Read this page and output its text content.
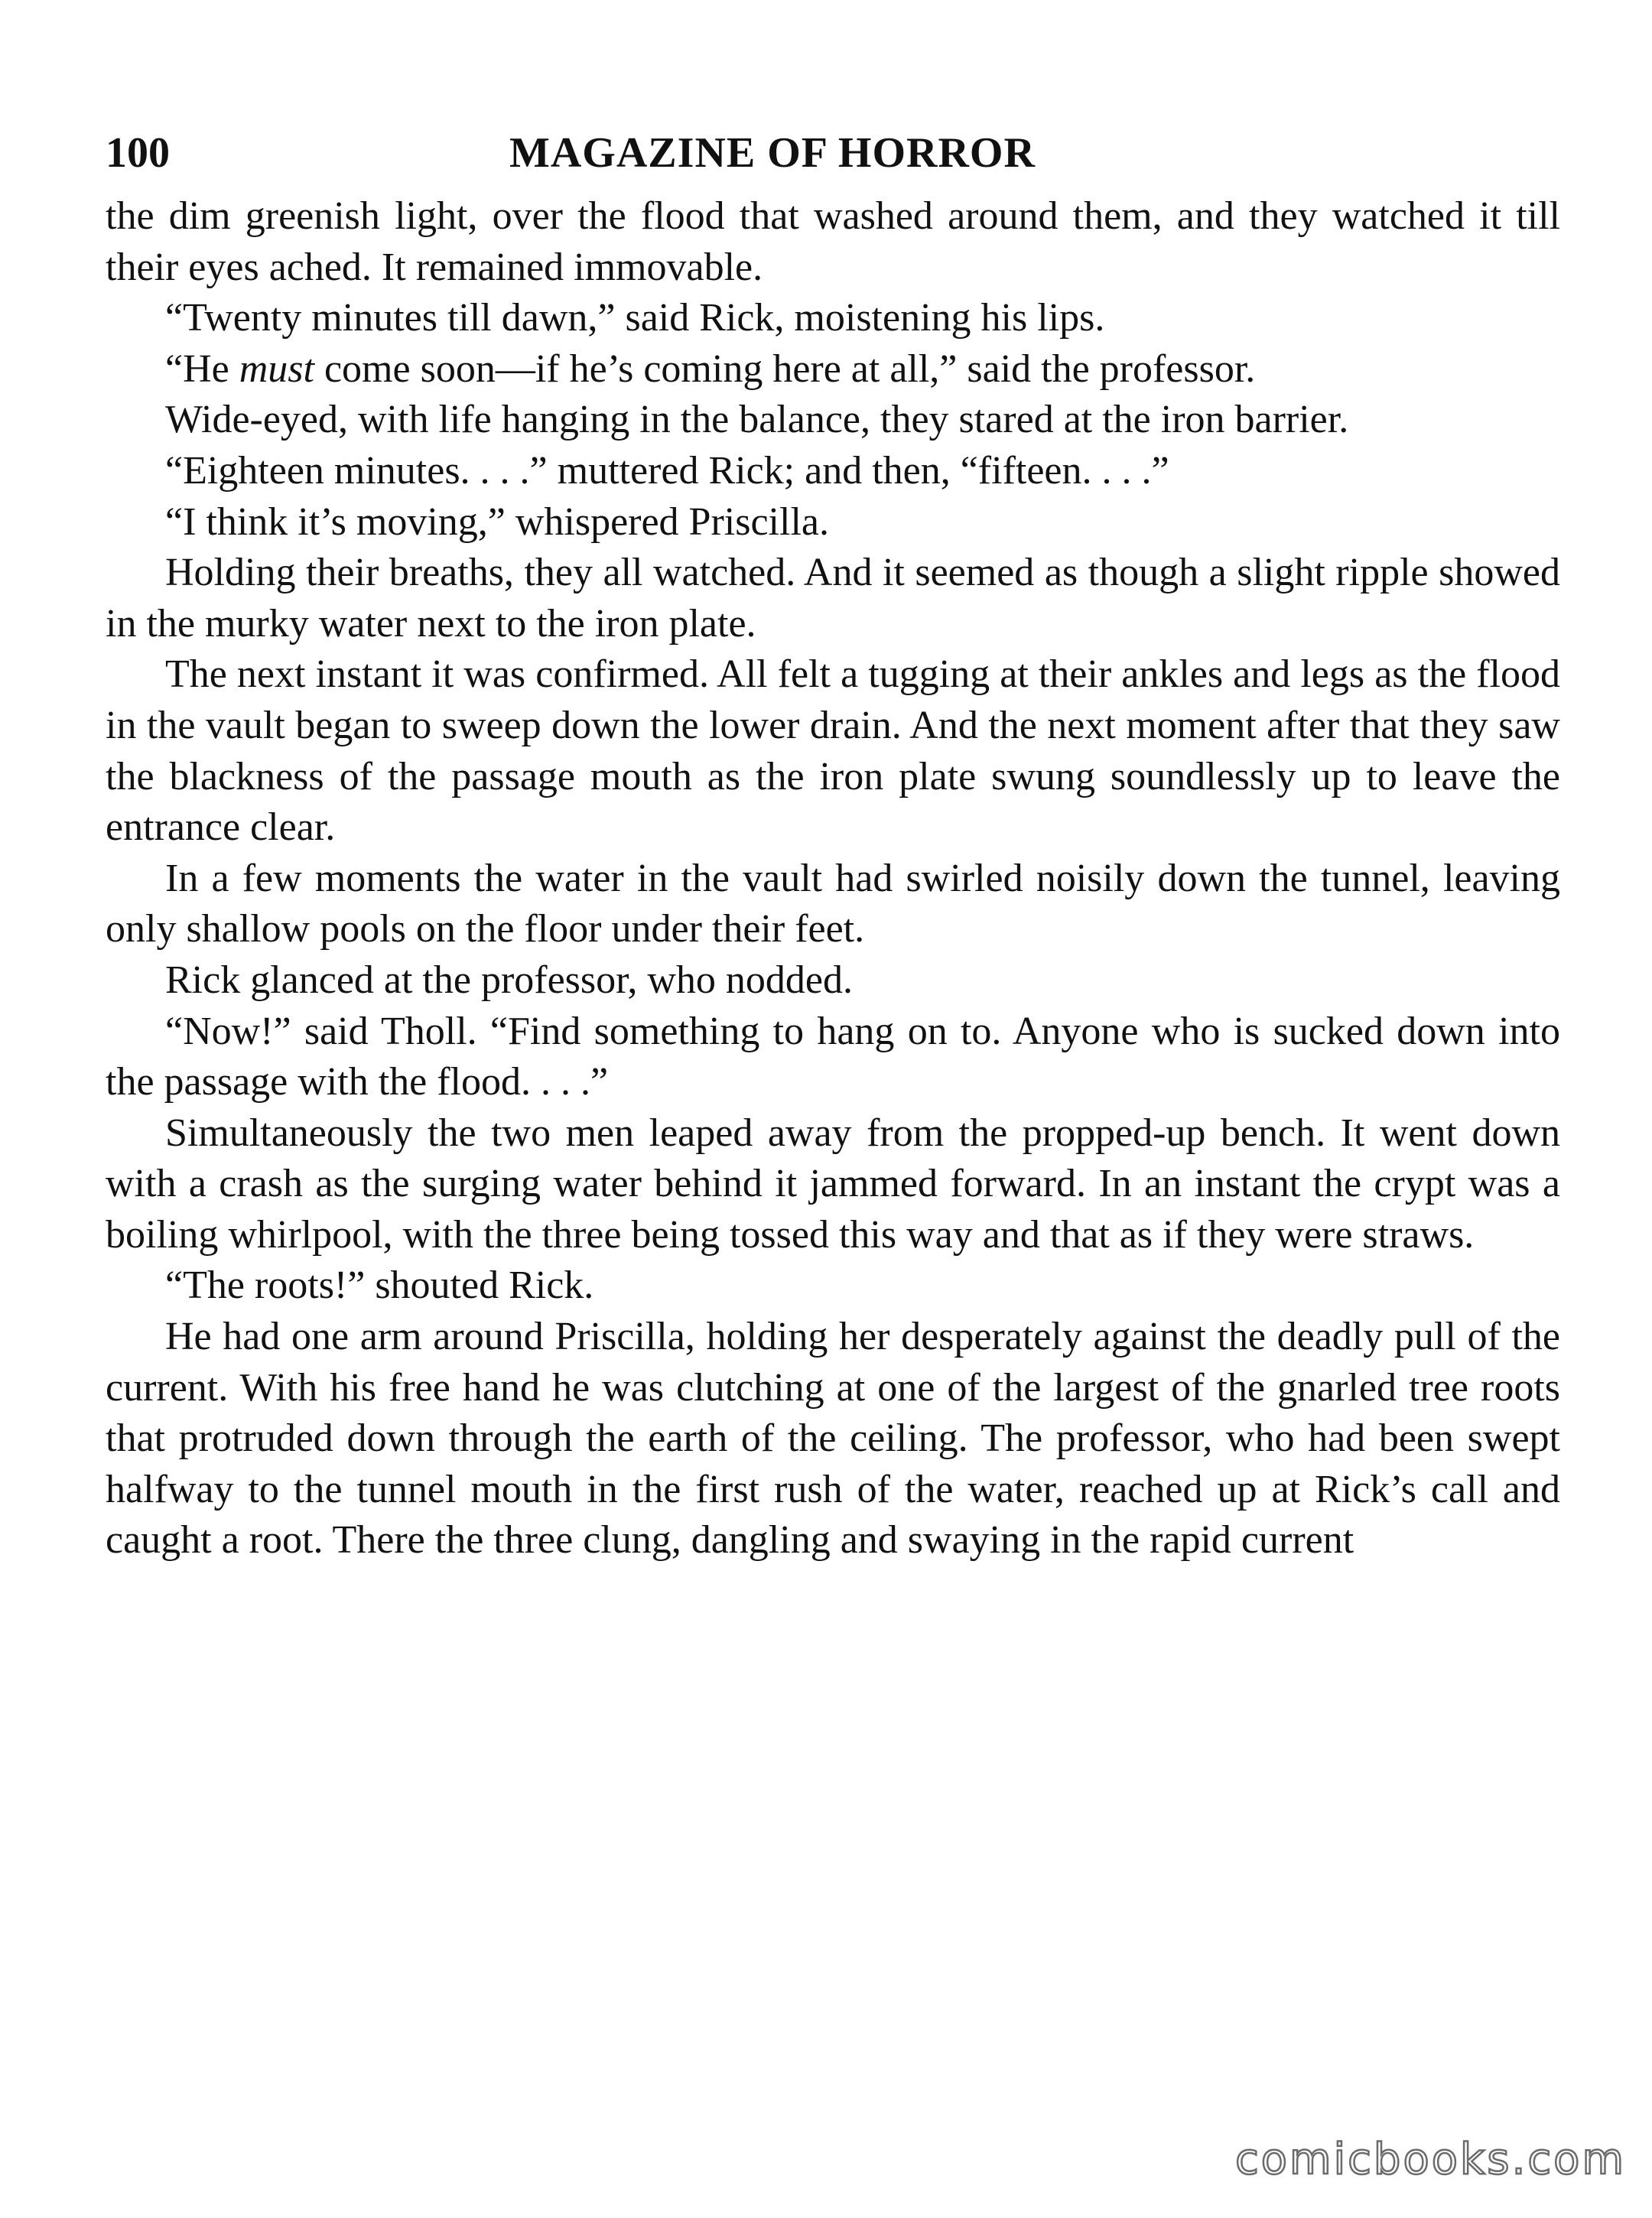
100	MAGAZINE OF HORROR

the dim greenish light, over the flood that washed around them, and they watched it till their eyes ached. It remained immovable.

“Twenty minutes till dawn,” said Rick, moistening his lips.

“He must come soon—if he’s coming here at all,” said the professor.

Wide-eyed, with life hanging in the balance, they stared at the iron barrier.

“Eighteen minutes. . . .” muttered Rick; and then, “fifteen. . . .”

“I think it’s moving,” whispered Priscilla.

Holding their breaths, they all watched. And it seemed as though a slight ripple showed in the murky water next to the iron plate.

The next instant it was confirmed. All felt a tugging at their ankles and legs as the flood in the vault began to sweep down the lower drain. And the next moment after that they saw the blackness of the passage mouth as the iron plate swung soundlessly up to leave the entrance clear.

In a few moments the water in the vault had swirled noisily down the tunnel, leaving only shallow pools on the floor under their feet.

Rick glanced at the professor, who nodded.

“Now!” said Tholl. “Find something to hang on to. Anyone who is sucked down into the passage with the flood. . . .”

Simultaneously the two men leaped away from the propped-up bench. It went down with a crash as the surging water behind it jammed forward. In an instant the crypt was a boiling whirlpool, with the three being tossed this way and that as if they were straws.

“The roots!” shouted Rick.

He had one arm around Priscilla, holding her desperately against the deadly pull of the current. With his free hand he was clutching at one of the largest of the gnarled tree roots that protruded down through the earth of the ceiling. The professor, who had been swept halfway to the tunnel mouth in the first rush of the water, reached up at Rick’s call and caught a root. There the three clung, dangling and swaying in the rapid current

comicbooks.com
